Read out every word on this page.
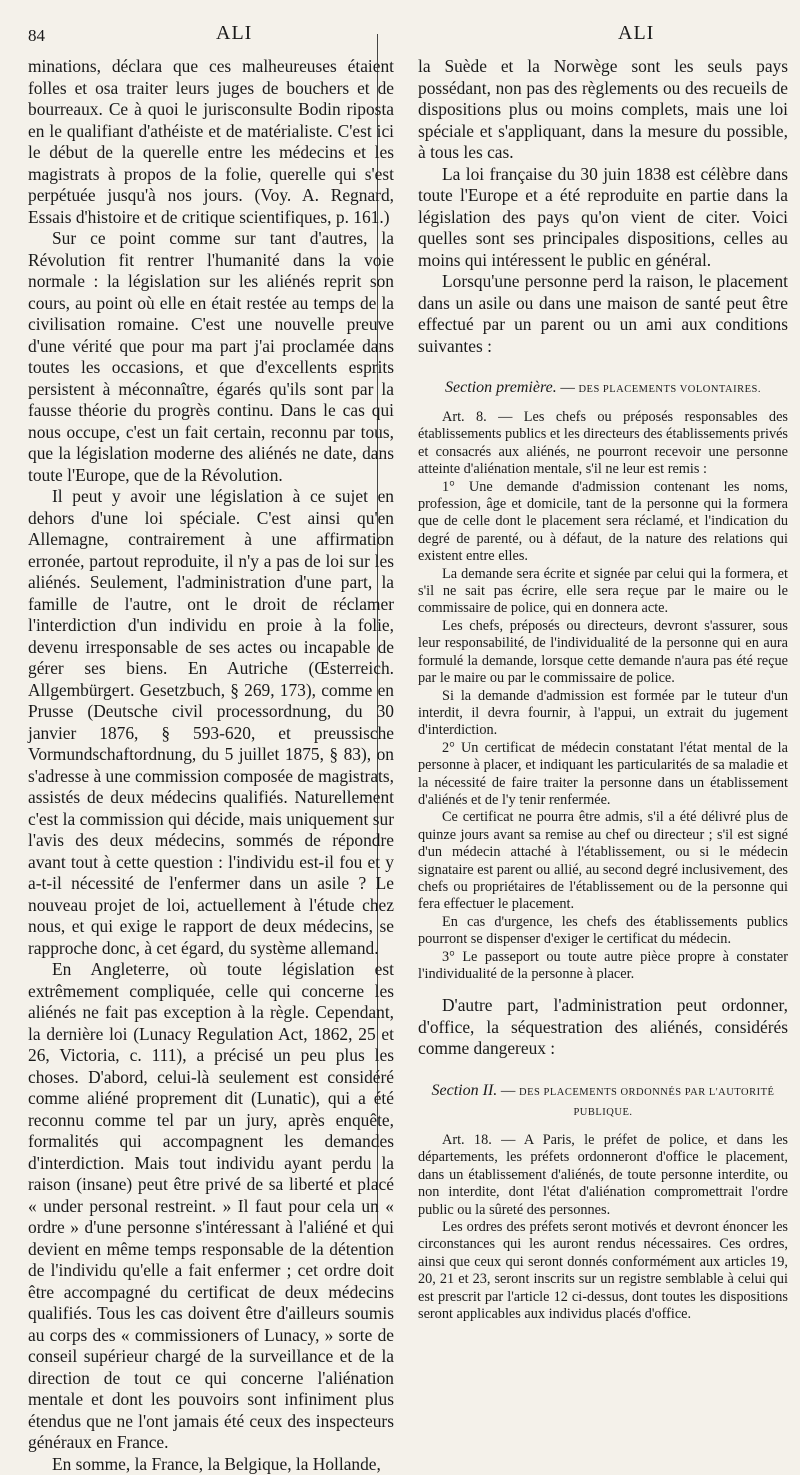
84	ALI	ALI

minations, déclara que ces malheureuses étaient folles et osa traiter leurs juges de bouchers et de bourreaux. Ce à quoi le jurisconsulte Bodin riposta en le qualifiant d'athéiste et de matérialiste. C'est ici le début de la querelle entre les médecins et les magistrats à propos de la folie, querelle qui s'est perpétuée jusqu'à nos jours. (Voy. A. Regnard, Essais d'histoire et de critique scientifiques, p. 161.)

Sur ce point comme sur tant d'autres, la Révolution fit rentrer l'humanité dans la voie normale : la législation sur les aliénés reprit son cours, au point où elle en était restée au temps de la civilisation romaine. C'est une nouvelle preuve d'une vérité que pour ma part j'ai proclamée dans toutes les occasions, et que d'excellents esprits persistent à méconnaître, égarés qu'ils sont par la fausse théorie du progrès continu. Dans le cas qui nous occupe, c'est un fait certain, reconnu par tous, que la législation moderne des aliénés ne date, dans toute l'Europe, que de la Révolution.

Il peut y avoir une législation à ce sujet en dehors d'une loi spéciale. C'est ainsi qu'en Allemagne, contrairement à une affirmation erronée, partout reproduite, il n'y a pas de loi sur les aliénés. Seulement, l'administration d'une part, la famille de l'autre, ont le droit de réclamer l'interdiction d'un individu en proie à la folie, devenu irresponsable de ses actes ou incapable de gérer ses biens. En Autriche (Œsterreich. Allgembürgert. Gesetzbuch, § 269, 173), comme en Prusse (Deutsche civil processordnung, du 30 janvier 1876, § 593-620, et preussische Vormundschaftordnung, du 5 juillet 1875, § 83), on s'adresse à une commission composée de magistrats, assistés de deux médecins qualifiés. Naturellement c'est la commission qui décide, mais uniquement sur l'avis des deux médecins, sommés de répondre avant tout à cette question : l'individu est-il fou et y a-t-il nécessité de l'enfermer dans un asile ? Le nouveau projet de loi, actuellement à l'étude chez nous, et qui exige le rapport de deux médecins, se rapproche donc, à cet égard, du système allemand.

En Angleterre, où toute législation est extrêmement compliquée, celle qui concerne les aliénés ne fait pas exception à la règle. Cependant, la dernière loi (Lunacy Regulation Act, 1862, 25 et 26, Victoria, c. 111), a précisé un peu plus les choses. D'abord, celui-là seulement est considéré comme aliéné proprement dit (Lunatic), qui a été reconnu comme tel par un jury, après enquête, formalités qui accompagnent les demandes d'interdiction. Mais tout individu ayant perdu la raison (insane) peut être privé de sa liberté et placé « under personal restreint. » Il faut pour cela un « ordre » d'une personne s'intéressant à l'aliéné et qui devient en même temps responsable de la détention de l'individu qu'elle a fait enfermer ; cet ordre doit être accompagné du certificat de deux médecins qualifiés. Tous les cas doivent être d'ailleurs soumis au corps des « commissioners of Lunacy, » sorte de conseil supérieur chargé de la surveillance et de la direction de tout ce qui concerne l'aliénation mentale et dont les pouvoirs sont infiniment plus étendus que ne l'ont jamais été ceux des inspecteurs généraux en France.

En somme, la France, la Belgique, la Hollande,

la Suède et la Norwège sont les seuls pays possédant, non pas des règlements ou des recueils de dispositions plus ou moins complets, mais une loi spéciale et s'appliquant, dans la mesure du possible, à tous les cas.

La loi française du 30 juin 1838 est célèbre dans toute l'Europe et a été reproduite en partie dans la législation des pays qu'on vient de citer. Voici quelles sont ses principales dispositions, celles au moins qui intéressent le public en général.

Lorsqu'une personne perd la raison, le placement dans un asile ou dans une maison de santé peut être effectué par un parent ou un ami aux conditions suivantes :

Section première. — DES PLACEMENTS VOLONTAIRES.

Art. 8. — Les chefs ou préposés responsables des établissements publics et les directeurs des établissements privés et consacrés aux aliénés, ne pourront recevoir une personne atteinte d'aliénation mentale, s'il ne leur est remis :

1° Une demande d'admission contenant les noms, profession, âge et domicile, tant de la personne qui la formera que de celle dont le placement sera réclamé, et l'indication du degré de parenté, ou à défaut, de la nature des relations qui existent entre elles.

La demande sera écrite et signée par celui qui la formera, et s'il ne sait pas écrire, elle sera reçue par le maire ou le commissaire de police, qui en donnera acte.

Les chefs, préposés ou directeurs, devront s'assurer, sous leur responsabilité, de l'individualité de la personne qui en aura formulé la demande, lorsque cette demande n'aura pas été reçue par le maire ou par le commissaire de police.

Si la demande d'admission est formée par le tuteur d'un interdit, il devra fournir, à l'appui, un extrait du jugement d'interdiction.

2° Un certificat de médecin constatant l'état mental de la personne à placer, et indiquant les particularités de sa maladie et la nécessité de faire traiter la personne dans un établissement d'aliénés et de l'y tenir renfermée.

Ce certificat ne pourra être admis, s'il a été délivré plus de quinze jours avant sa remise au chef ou directeur ; s'il est signé d'un médecin attaché à l'établissement, ou si le médecin signataire est parent ou allié, au second degré inclusivement, des chefs ou propriétaires de l'établissement ou de la personne qui fera effectuer le placement.

En cas d'urgence, les chefs des établissements publics pourront se dispenser d'exiger le certificat du médecin.

3° Le passeport ou toute autre pièce propre à constater l'individualité de la personne à placer.

D'autre part, l'administration peut ordonner, d'office, la séquestration des aliénés, considérés comme dangereux :

Section II. — DES PLACEMENTS ORDONNÉS PAR L'AUTORITÉ PUBLIQUE.

Art. 18. — A Paris, le préfet de police, et dans les départements, les préfets ordonneront d'office le placement, dans un établissement d'aliénés, de toute personne interdite, ou non interdite, dont l'état d'aliénation compromettrait l'ordre public ou la sûreté des personnes.

Les ordres des préfets seront motivés et devront énoncer les circonstances qui les auront rendus nécessaires. Ces ordres, ainsi que ceux qui seront donnés conformément aux articles 19, 20, 21 et 23, seront inscrits sur un registre semblable à celui qui est prescrit par l'article 12 ci-dessus, dont toutes les dispositions seront applicables aux individus placés d'office.
